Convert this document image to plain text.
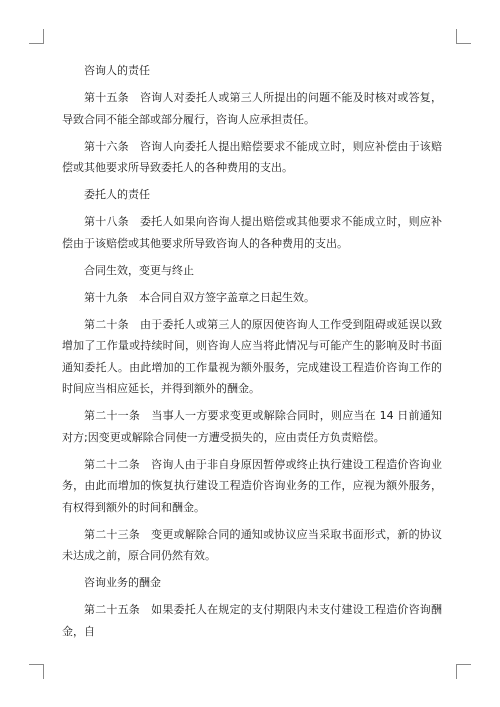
咨询人的责任

第十五条　咨询人对委托人或第三人所提出的问题不能及时核对或答复，导致合同不能全部或部分履行，咨询人应承担责任。

第十六条　咨询人向委托人提出赔偿要求不能成立时，则应补偿由于该赔偿或其他要求所导致委托人的各种费用的支出。

委托人的责任

第十八条　委托人如果向咨询人提出赔偿或其他要求不能成立时，则应补偿由于该赔偿或其他要求所导致咨询人的各种费用的支出。

合同生效，变更与终止

第十九条　本合同自双方签字盖章之日起生效。

第二十条　由于委托人或第三人的原因使咨询人工作受到阻碍或延误以致增加了工作量或持续时间，则咨询人应当将此情况与可能产生的影响及时书面通知委托人。由此增加的工作量视为额外服务，完成建设工程造价咨询工作的时间应当相应延长，并得到额外的酬金。

第二十一条　当事人一方要求变更或解除合同时，则应当在 14 日前通知对方;因变更或解除合同使一方遭受损失的，应由责任方负责赔偿。

第二十二条　咨询人由于非自身原因暂停或终止执行建设工程造价咨询业务，由此而增加的恢复执行建设工程造价咨询业务的工作，应视为额外服务，有权得到额外的时间和酬金。

第二十三条　变更或解除合同的通知或协议应当采取书面形式，新的协议未达成之前，原合同仍然有效。

咨询业务的酬金

第二十五条　如果委托人在规定的支付期限内未支付建设工程造价咨询酬金，自
